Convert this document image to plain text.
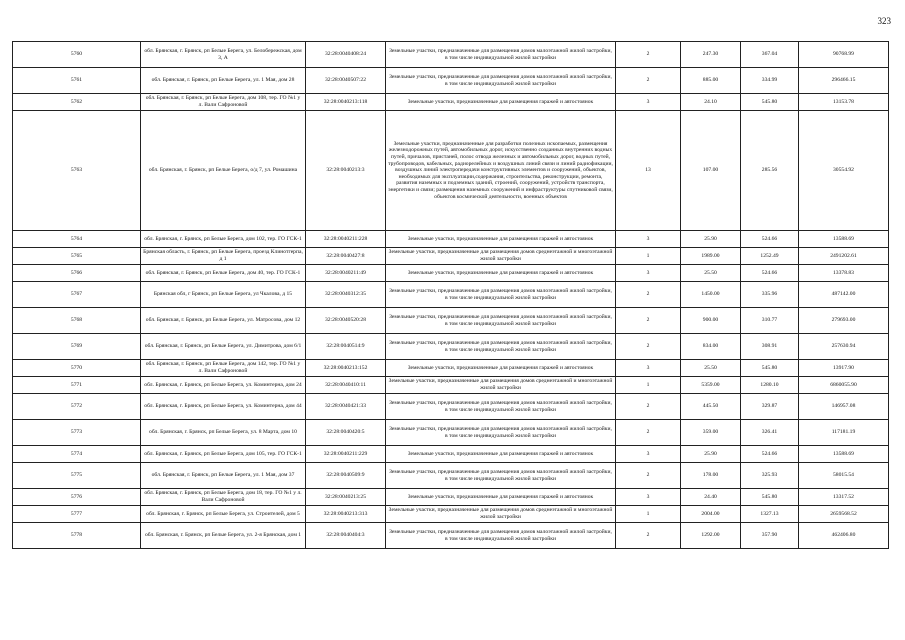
323
5760	обл. Брянская, г. Брянск, рп Белые Берега, ул. Белобережская, дом 3, А	32:28:0040408:24	Земельные участки, предназначенные для размещения домов малоэтажной жилой застройки, в том числе индивидуальной жилой застройки	2	247.30	367.04	90768.99
5761	обл. Брянская, г. Брянск, рп Белые Берега, ул. 1 Мая, дом 28	32:28:0040507:22	Земельные участки, предназначенные для размещения домов малоэтажной жилой застройки, в том числе индивидуальной жилой застройки	2	885.00	334.99	296466.15
5762	обл. Брянская, г. Брянск, рп Белые Берега, дом 108, тер. ГО №1 у л. Вали Сафроновой	32:28:0040213:118	Земельные участки, предназначенные для размещения гаражей и автостоянок	3	24.10	545.80	13153.78
5763	обл. Брянская, г. Брянск, рп Белые Берега, о/д 7, ул. Ромашина	32:28:0040213:3	Земельные участки, предназначенные для разработки полезных ископаемых, размещения железнодорожных путей, автомобильных дорог, искусственно созданных внутренних водных путей, причалов, пристаней, полос отвода железных и автомобильных дорог, водных путей, трубопроводов, кабельных, радиорелейных и воздушных линий связи и линий радиофикации, воздушных линий электропередачи конструктивных элементов и сооружений, объектов, необходимых для эксплуатации,содержания, строительства, реконструкции, ремонта, развития наземных и подземных зданий, строений, сооружений, устройств транспорта, энергетики и связи; размещения наземных сооружений и инфраструктуры спутниковой связи, объектов космической деятельности, военных объектов	13	107.00	285.56	30554.92
5764	обл. Брянская, г. Брянск, рп Белые Берега, дом 102, тер. ГО ГСК-1	32:28:0040211:228	Земельные участки, предназначенные для размещения гаражей и автостоянок	3	25.90	524.66	13588.69
5765	Брянская область, г. Брянск, рп Белые Берега, проезд Клинотгерпа, д 1	32:28:0040427:8	Земельные участки, предназначенные для размещения домов среднеэтажной и многоэтажной жилой застройки	1	1989.00	1252.49	2491202.61
5766	обл. Брянская, г. Брянск, рп Белые Берега, дом 40, тер. ГО ГСК-1	32:28:0040211:49	Земельные участки, предназначенные для размещения гаражей и автостоянок	3	25.50	524.66	13378.83
5767	Брянская обл, г Брянск, рп Белые Берега, ул Чкалова, д 15	32:28:0040312:35	Земельные участки, предназначенные для размещения домов малоэтажной жилой застройки, в том числе индивидуальной жилой застройки	2	1450.00	335.96	487142.00
5768	обл. Брянская, г. Брянск, рп Белые Берега, ул. Матросова, дом 12	32:28:0040520:28	Земельные участки, предназначенные для размещения домов малоэтажной жилой застройки, в том числе индивидуальной жилой застройки	2	900.00	310.77	279693.00
5769	обл. Брянская, г. Брянск, рп Белые Берега, ул. Димитрова, дом 6/1	32:28:0040514:9	Земельные участки, предназначенные для размещения домов малоэтажной жилой застройки, в том числе индивидуальной жилой застройки	2	834.00	308.91	257630.94
5770	обл. Брянская, г. Брянск, рп Белые Берега, дом 142, тер. ГО №1 у л. Вали Сафроновой	32:28:0040213:152	Земельные участки, предназначенные для размещения гаражей и автостоянок	3	25.50	545.80	13917.90
5771	обл. Брянская, г. Брянск, рп Белые Берега, ул. Коминтерна, дом 24	32:28:0040410:11	Земельные участки, предназначенные для размещения домов среднеэтажной и многоэтажной жилой застройки	1	5359.00	1280.10	6860055.90
5772	обл. Брянская, г. Брянск, рп Белые Берега, ул. Коминтерна, дом 44	32:28:0040421:33	Земельные участки, предназначенные для размещения домов малоэтажной жилой застройки, в том числе индивидуальной жилой застройки	2	445.50	329.87	146957.08
5773	обл. Брянская, г. Брянск, рп Белые Берега, ул. 8 Марта, дом 10	32:28:0040420:5	Земельные участки, предназначенные для размещения домов малоэтажной жилой застройки, в том числе индивидуальной жилой застройки	2	359.00	326.41	117181.19
5774	обл. Брянская, г. Брянск, рп Белые Берега, дом 105, тер. ГО ГСК-1	32:28:0040211:229	Земельные участки, предназначенные для размещения гаражей и автостоянок	3	25.90	524.66	13588.69
5775	обл. Брянская, г. Брянск, рп Белые Берега, ул. 1 Мая, дом 37	32:28:0040509:9	Земельные участки, предназначенные для размещения домов малоэтажной жилой застройки, в том числе индивидуальной жилой застройки	2	178.00	325.93	58015.54
5776	обл. Брянская, г. Брянск, рп Белые Берега, дом 18, тер. ГО №1 у л. Вали Сафроновой	32:28:0040213:25	Земельные участки, предназначенные для размещения гаражей и автостоянок	3	24.40	545.80	13317.52
5777	обл. Брянская, г. Брянск, рп Белые Берега, ул. Строителей, дом 5	32:28:0040213:313	Земельные участки, предназначенные для размещения домов среднеэтажной и многоэтажной жилой застройки	1	2004.00	1327.13	2659568.52
5778	обл. Брянская, г. Брянск, рп Белые Берега, ул. 2-я Брянская, дом 1	32:28:0040404:3	Земельные участки, предназначенные для размещения домов малоэтажной жилой застройки, в том числе индивидуальной жилой застройки	2	1292.00	357.90	462406.80
